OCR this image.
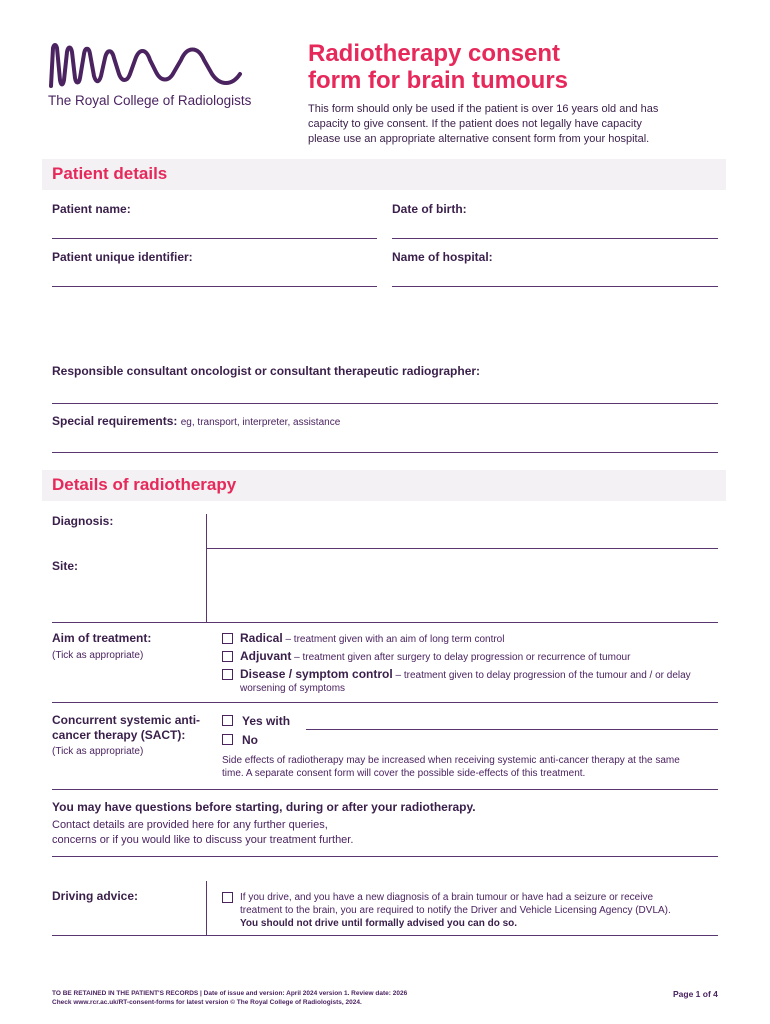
The Royal College of Radiologists
Radiotherapy consent
form for brain tumours
This form should only be used if the patient is over 16 years old and has
capacity to give consent. If the patient does not legally have capacity
please use an appropriate alternative consent form from your hospital.
Patient details
Patient name:	Date of birth:
Patient unique identifier:	Name of hospital:
Responsible consultant oncologist or consultant therapeutic radiographer:
Special requirements: eg, transport, interpreter, assistance
Details of radiotherapy
Diagnosis:
Site:
Aim of treatment:
(Tick as appropriate)
Radical – treatment given with an aim of long term control
Adjuvant – treatment given after surgery to delay progression or recurrence of tumour
Disease / symptom control – treatment given to delay progression of the tumour and / or delay
worsening of symptoms
Concurrent systemic anti-
cancer therapy (SACT):
(Tick as appropriate)
Yes with
No
Side effects of radiotherapy may be increased when receiving systemic anti-cancer therapy at the same
time. A separate consent form will cover the possible side-effects of this treatment.
You may have questions before starting, during or after your radiotherapy.
Contact details are provided here for any further queries,
concerns or if you would like to discuss your treatment further.
Driving advice:	If you drive, and you have a new diagnosis of a brain tumour or have had a seizure or receive
treatment to the brain, you are required to notify the Driver and Vehicle Licensing Agency (DVLA).
You should not drive until formally advised you can do so.
TO BE RETAINED IN THE PATIENT'S RECORDS | Date of issue and version: April 2024 version 1. Review date: 2026
Check www.rcr.ac.uk/RT-consent-forms for latest version © The Royal College of Radiologists, 2024.
Page 1 of 4
